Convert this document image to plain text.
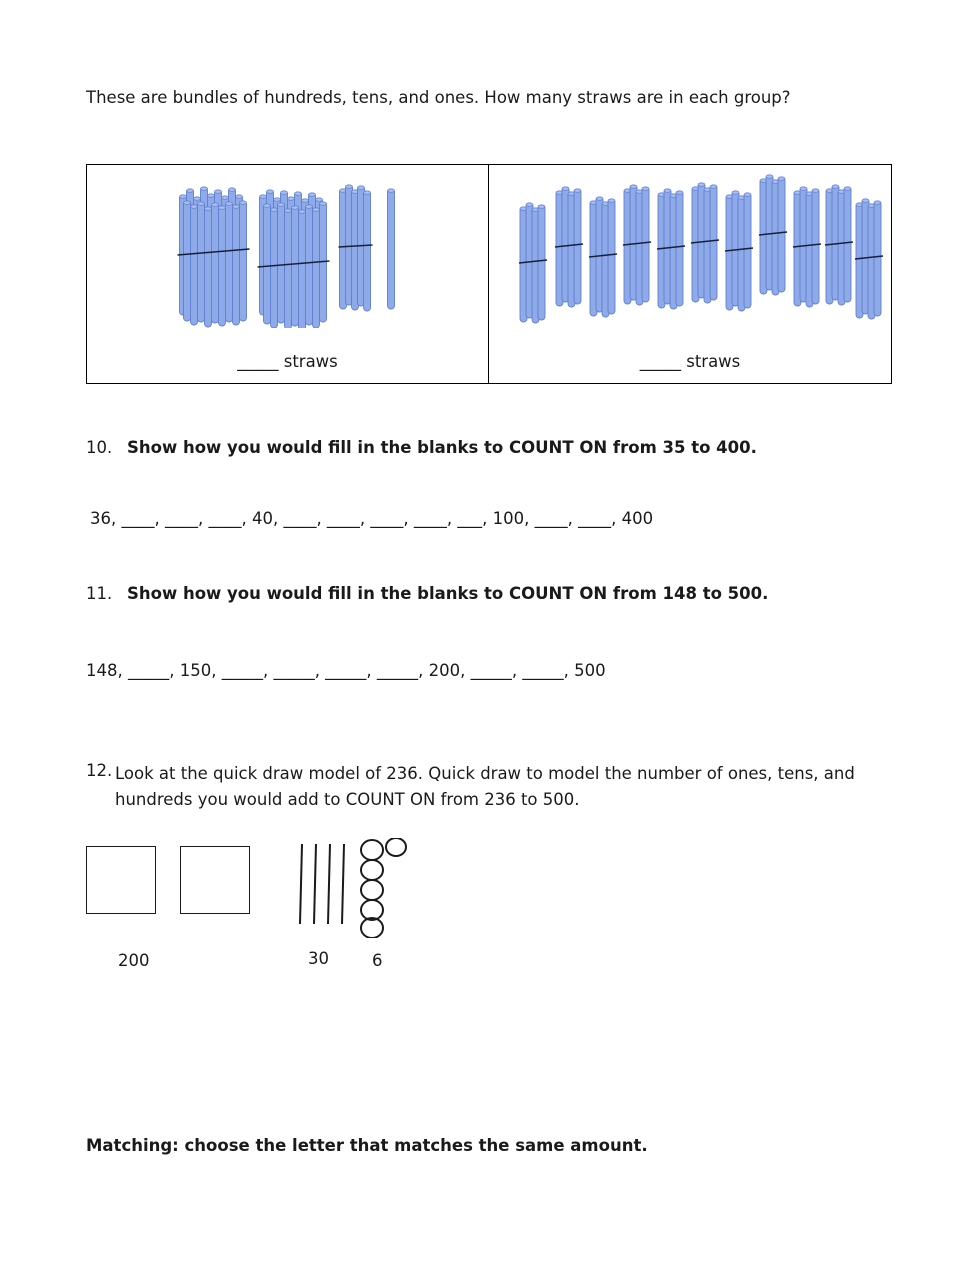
These are bundles of hundreds, tens, and ones. How many straws are in each group?
_____ straws	_____ straws
10. Show how you would fill in the blanks to COUNT ON from 35 to 400.
36, ____, ____, ____, 40, ____, ____, ____, ____, ___, 100, ____, ____, 400
11. Show how you would fill in the blanks to COUNT ON from 148 to 500.
148, _____, 150, _____, _____, _____, _____, 200, _____, _____, 500
12. Look at the quick draw model of 236. Quick draw to model the number of ones, tens, and hundreds you would add to COUNT ON from 236 to 500.
200	30	6
Matching: choose the letter that matches the same amount.
